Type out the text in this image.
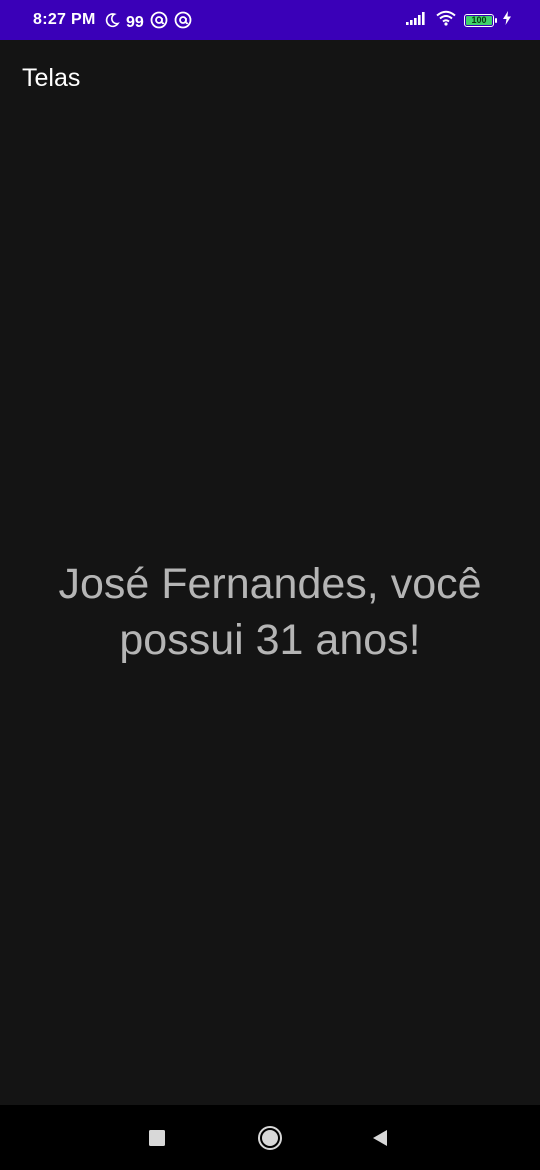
8:27 PM 99	100
Telas
José Fernandes, você possui 31 anos!
